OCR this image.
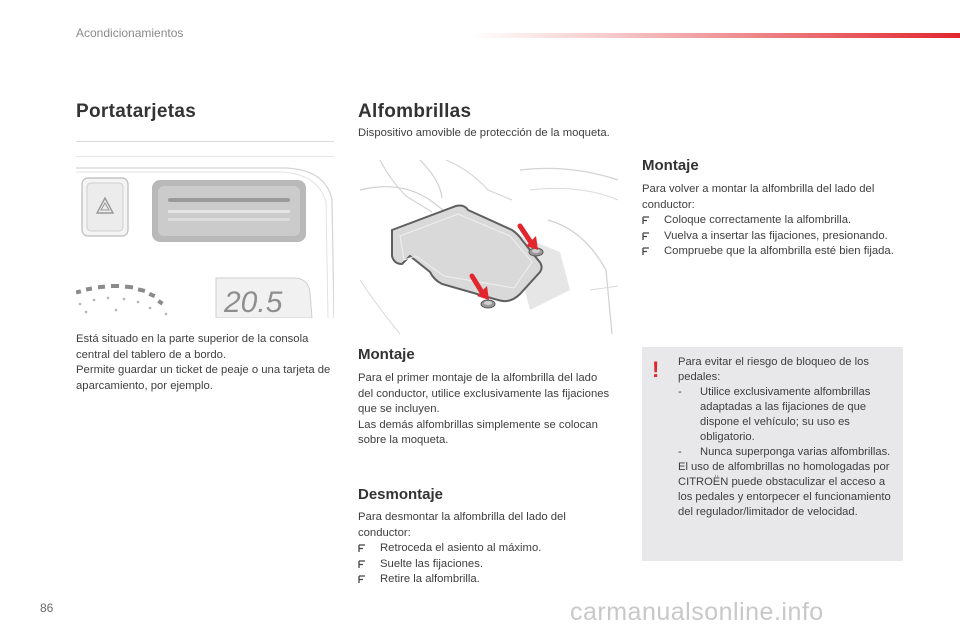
Acondicionamientos
Portatarjetas
20.5
Está situado en la parte superior de la consola central del tablero de a bordo.
Permite guardar un ticket de peaje o una tarjeta de aparcamiento, por ejemplo.
Alfombrillas
Dispositivo amovible de protección de la moqueta.
Montaje
Para el primer montaje de la alfombrilla del lado del conductor, utilice exclusivamente las fijaciones que se incluyen.
Las demás alfombrillas simplemente se colocan sobre la moqueta.
Desmontaje
Para desmontar la alfombrilla del lado del conductor:
Retroceda el asiento al máximo.
Suelte las fijaciones.
Retire la alfombrilla.
Montaje
Para volver a montar la alfombrilla del lado del conductor:
Coloque correctamente la alfombrilla.
Vuelva a insertar las fijaciones, presionando.
Compruebe que la alfombrilla esté bien fijada.
! Para evitar el riesgo de bloqueo de los pedales:
- Utilice exclusivamente alfombrillas adaptadas a las fijaciones de que dispone el vehículo; su uso es obligatorio.
- Nunca superponga varias alfombrillas.
El uso de alfombrillas no homologadas por CITROËN puede obstaculizar el acceso a los pedales y entorpecer el funcionamiento del regulador/limitador de velocidad.
86	carmanualsonline.info
